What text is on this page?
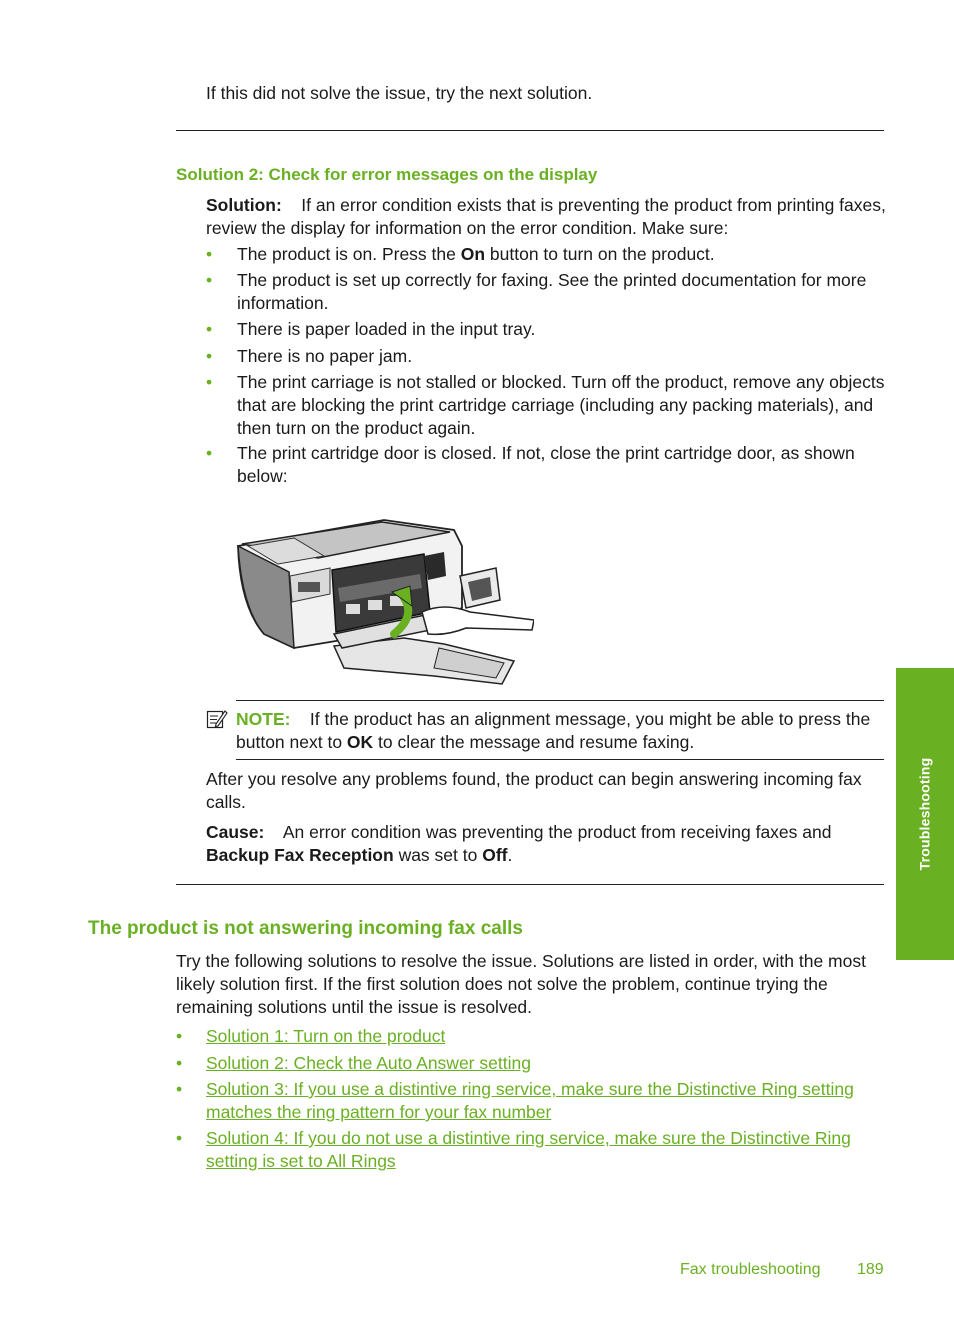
If this did not solve the issue, try the next solution.

Solution 2: Check for error messages on the display

Solution: If an error condition exists that is preventing the product from printing faxes, review the display for information on the error condition. Make sure:

• The product is on. Press the On button to turn on the product.

• The product is set up correctly for faxing. See the printed documentation for more information.

• There is paper loaded in the input tray.

• There is no paper jam.

• The print carriage is not stalled or blocked. Turn off the product, remove any objects that are blocking the print cartridge carriage (including any packing materials), and then turn on the product again.

• The print cartridge door is closed. If not, close the print cartridge door, as shown below:

NOTE: If the product has an alignment message, you might be able to press the button next to OK to clear the message and resume faxing.

After you resolve any problems found, the product can begin answering incoming fax calls.

Cause: An error condition was preventing the product from receiving faxes and Backup Fax Reception was set to Off.

The product is not answering incoming fax calls

Try the following solutions to resolve the issue. Solutions are listed in order, with the most likely solution first. If the first solution does not solve the problem, continue trying the remaining solutions until the issue is resolved.

• Solution 1: Turn on the product
• Solution 2: Check the Auto Answer setting
• Solution 3: If you use a distintive ring service, make sure the Distinctive Ring setting matches the ring pattern for your fax number
• Solution 4: If you do not use a distintive ring service, make sure the Distinctive Ring setting is set to All Rings
Troubleshooting
Fax troubleshooting 189
